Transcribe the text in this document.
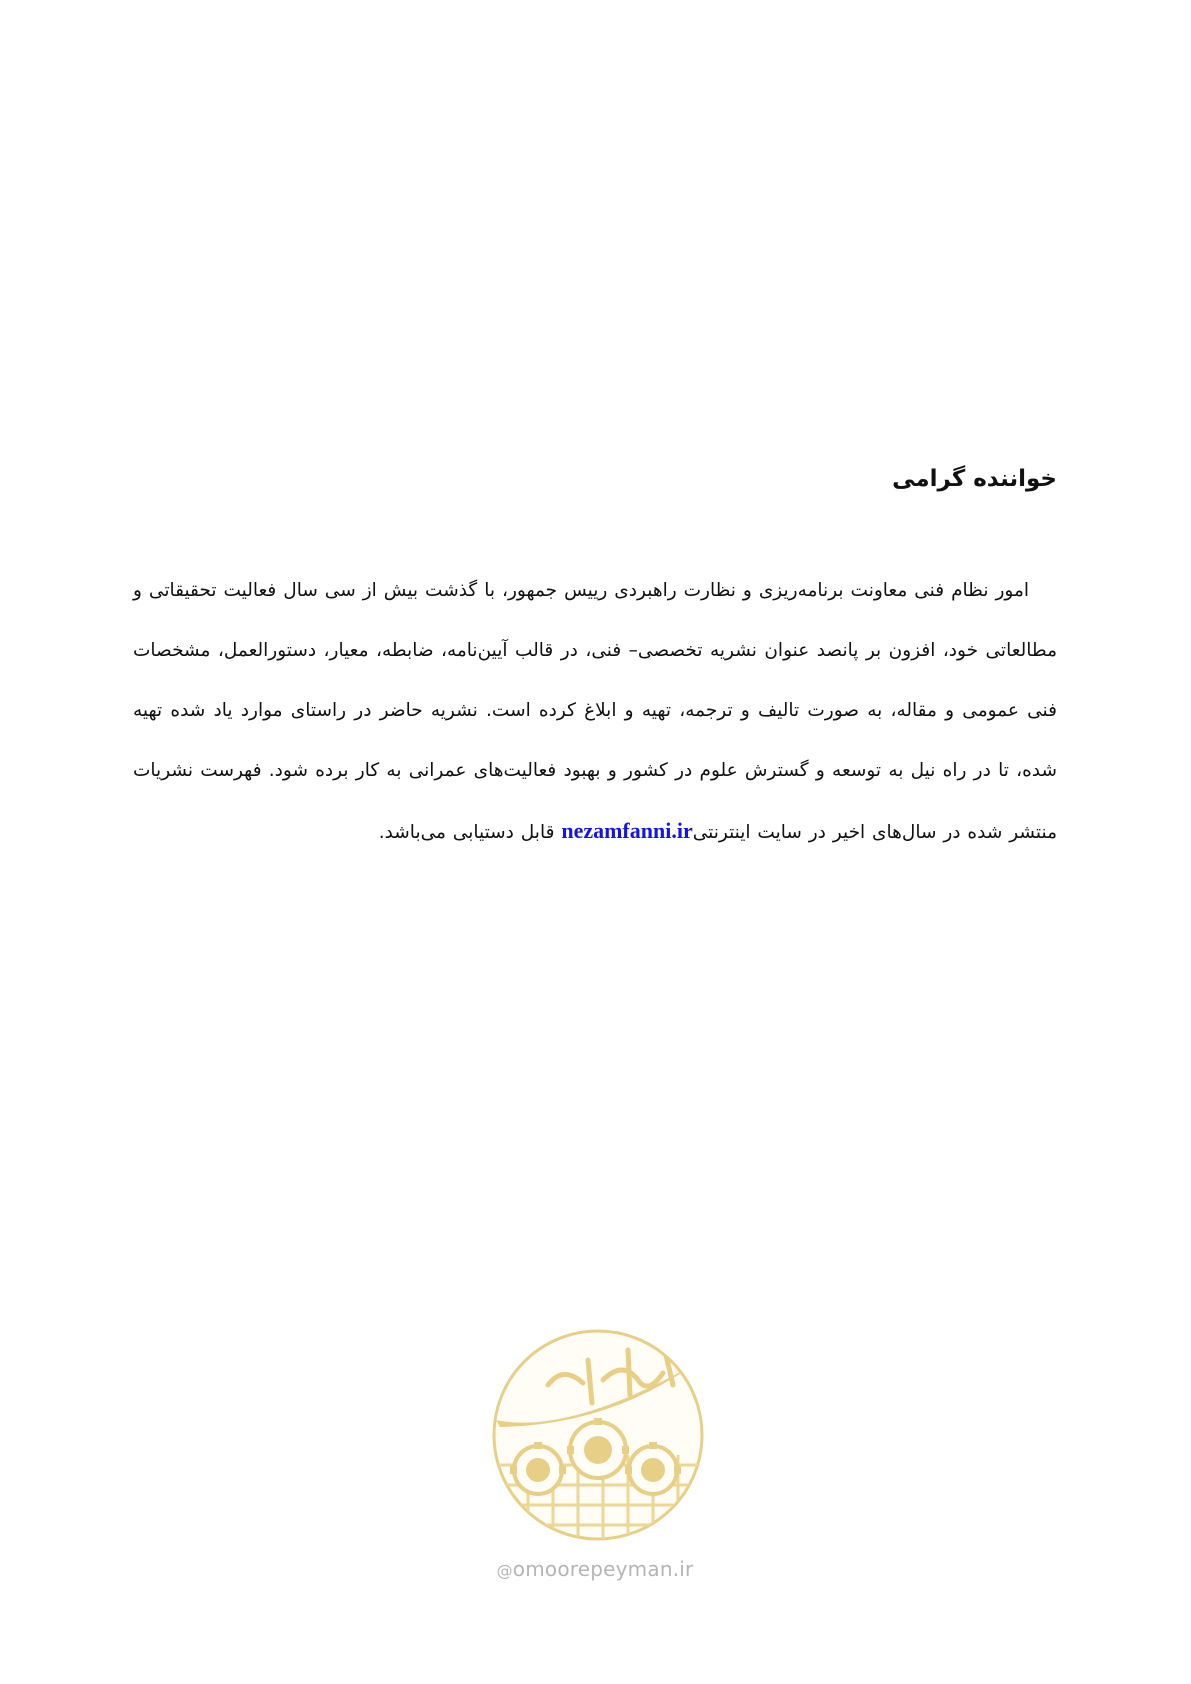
خواننده گرامی
امور نظام فنی معاونت برنامه‌ریزی و نظارت راهبردی رییس جمهور، با گذشت بیش از سی سال فعالیت تحقیقاتی و مطالعاتی خود، افزون بر پانصد عنوان نشریه تخصصی– فنی، در قالب آیین‌نامه، ضابطه، معیار، دستورالعمل، مشخصات فنی عمومی و مقاله، به صورت تالیف و ترجمه، تهیه و ابلاغ کرده است. نشریه حاضر در راستای موارد یاد شده تهیه شده، تا در راه نیل به توسعه و گسترش علوم در کشور و بهبود فعالیت‌های عمرانی به کار برده شود. فهرست نشریات منتشر شده در سال‌های اخیر در سایت اینترنتیnezamfanni.ir قابل دستیابی می‌باشد.
@omoorepeyman.ir
